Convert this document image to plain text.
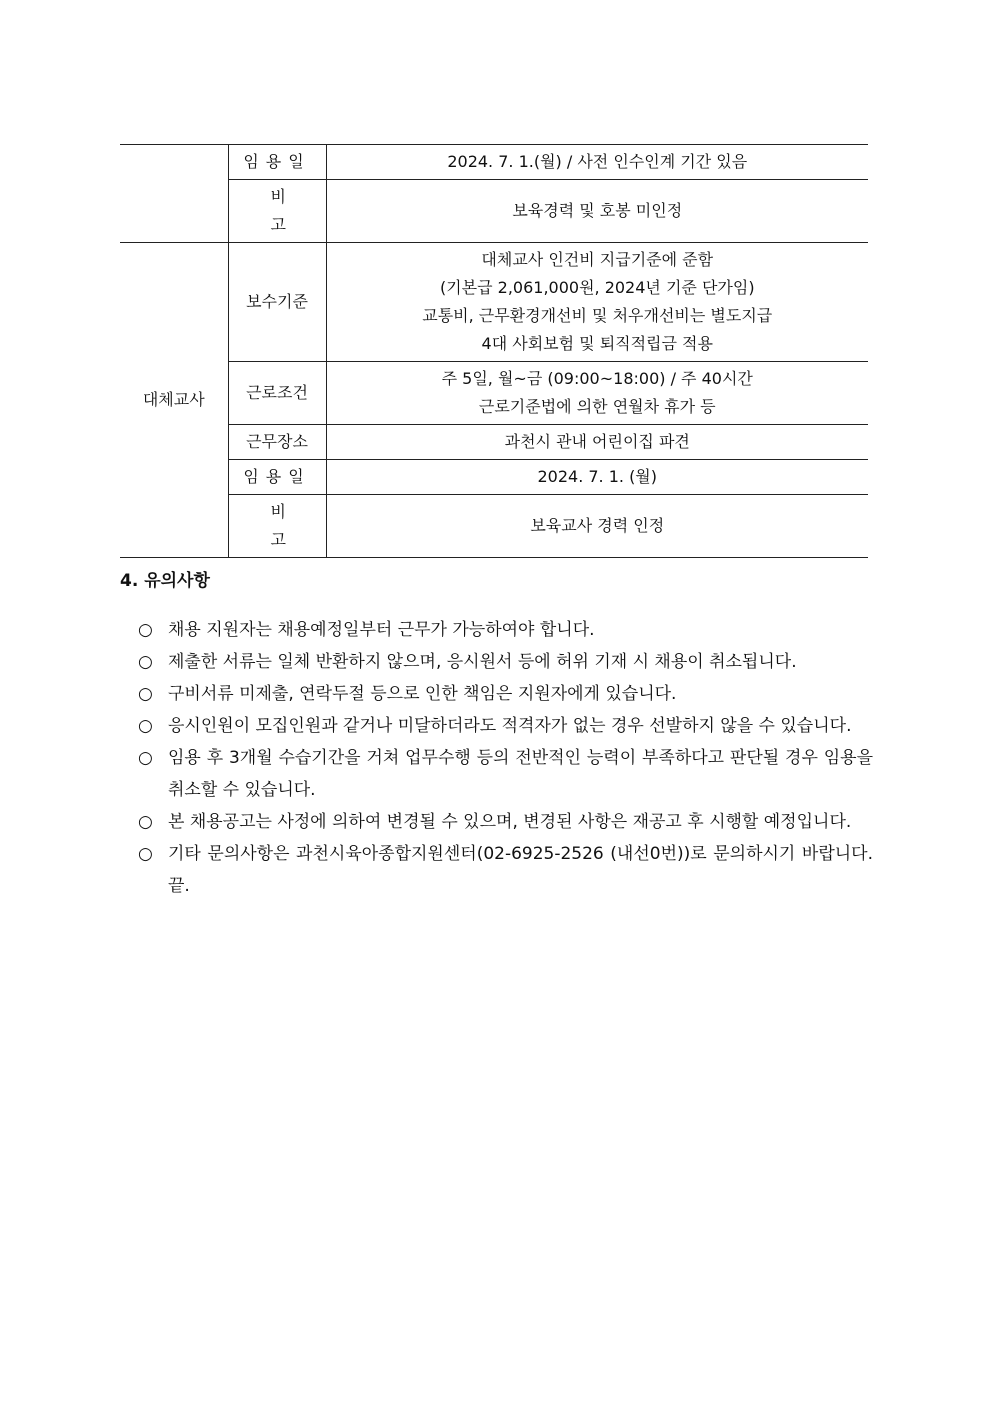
	임용일	2024. 7. 1.(월) / 사전 인수인계 기간 있음
	비고	보육경력 및 호봉 미인정
대체교사	보수기준	대체교사 인건비 지급기준에 준함
(기본급 2,061,000원, 2024년 기준 단가임)
교통비, 근무환경개선비 및 처우개선비는 별도지급
4대 사회보험 및 퇴직적립금 적용

	근로조건	주 5일, 월~금 (09:00~18:00) / 주 40시간
근로기준법에 의한 연월차 휴가 등

	근무장소	과천시 관내 어린이집 파견
	임용일	2024. 7. 1. (월)
	비고	보육교사 경력 인정
4. 유의사항
○ 채용 지원자는 채용예정일부터 근무가 가능하여야 합니다.
○ 제출한 서류는 일체 반환하지 않으며, 응시원서 등에 허위 기재 시 채용이 취소됩니다.
○ 구비서류 미제출, 연락두절 등으로 인한 책임은 지원자에게 있습니다.
○ 응시인원이 모집인원과 같거나 미달하더라도 적격자가 없는 경우 선발하지 않을 수 있습니다.
○ 임용 후 3개월 수습기간을 거쳐 업무수행 등의 전반적인 능력이 부족하다고 판단될 경우 임용을 취소할 수 있습니다.
○ 본 채용공고는 사정에 의하여 변경될 수 있으며, 변경된 사항은 재공고 후 시행할 예정입니다.
○ 기타 문의사항은 과천시육아종합지원센터(02-6925-2526 (내선0번))로 문의하시기 바랍니다. 끝.
